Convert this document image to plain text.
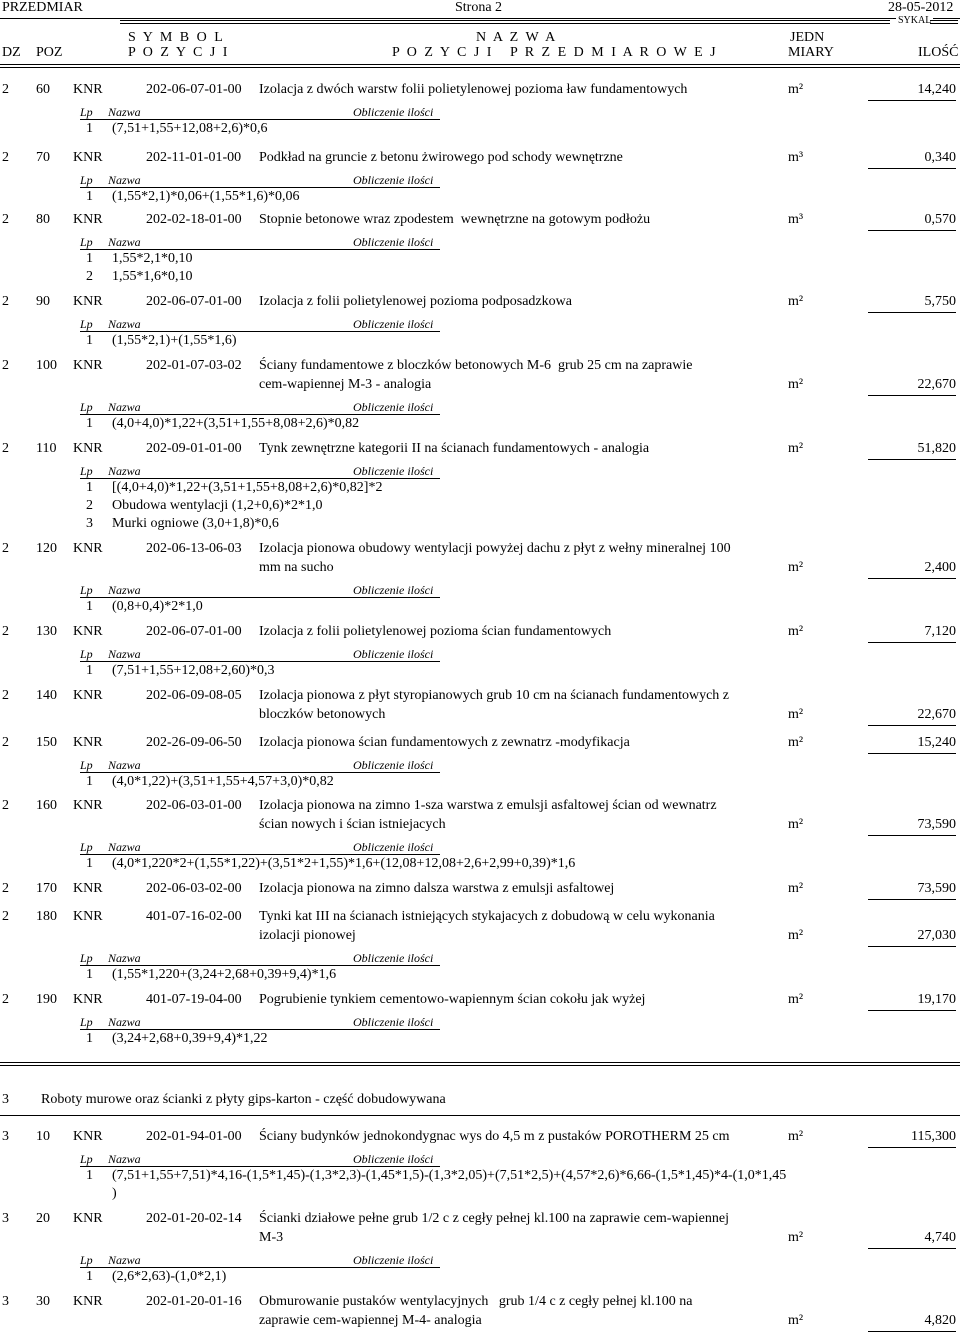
PRZEDMIAR	Strona 2	28-05-2012
SYKAL
S Y M B O L
P O Z Y C J I
N A Z W A
P O Z Y C J I   P R Z E D M I A R O W E J
JEDN
MIARY
DZ POZ	ILOŚĆ
2 60 KNR	202-06-07-01-00 Izolacja z dwóch warstw folii polietylenowej pozioma ław fundamentowych	m²	14,240
Lp Nazwa	Obliczenie ilości
1 (7,51+1,55+12,08+2,6)*0,6
2 70 KNR	202-11-01-01-00 Podkład na gruncie z betonu żwirowego pod schody wewnętrzne	m³	0,340
Lp Nazwa	Obliczenie ilości
1 (1,55*2,1)*0,06+(1,55*1,6)*0,06
2 80 KNR	202-02-18-01-00 Stopnie betonowe wraz zpodestem  wewnętrzne na gotowym podłożu	m³	0,570
Lp Nazwa	Obliczenie ilości
1 1,55*2,1*0,10
2 1,55*1,6*0,10
2 90 KNR	202-06-07-01-00 Izolacja z folii polietylenowej pozioma podposadzkowa	m²	5,750
Lp Nazwa	Obliczenie ilości
1 (1,55*2,1)+(1,55*1,6)
2 100 KNR	202-01-07-03-02 Ściany fundamentowe z bloczków betonowych M-6  grub 25 cm na zaprawie
cem-wapiennej M-3 - analogia	m²	22,670
Lp Nazwa	Obliczenie ilości
1 (4,0+4,0)*1,22+(3,51+1,55+8,08+2,6)*0,82
2 110 KNR	202-09-01-01-00 Tynk zewnętrzne kategorii II na ścianach fundamentowych - analogia	m²	51,820
Lp Nazwa	Obliczenie ilości
1 [(4,0+4,0)*1,22+(3,51+1,55+8,08+2,6)*0,82]*2
2 Obudowa wentylacji (1,2+0,6)*2*1,0
3 Murki ogniowe (3,0+1,8)*0,6
2 120 KNR	202-06-13-06-03 Izolacja pionowa obudowy wentylacji powyżej dachu z płyt z wełny mineralnej 100
mm na sucho	m²	2,400
Lp Nazwa	Obliczenie ilości
1 (0,8+0,4)*2*1,0
2 130 KNR	202-06-07-01-00 Izolacja z folii polietylenowej pozioma ścian fundamentowych	m²	7,120
Lp Nazwa	Obliczenie ilości
1 (7,51+1,55+12,08+2,60)*0,3
2 140 KNR	202-06-09-08-05 Izolacja pionowa z płyt styropianowych grub 10 cm na ścianach fundamentowych z
bloczków betonowych	m²	22,670
2 150 KNR	202-26-09-06-50 Izolacja pionowa ścian fundamentowych z zewnatrz -modyfikacja	m²	15,240
Lp Nazwa	Obliczenie ilości
1 (4,0*1,22)+(3,51+1,55+4,57+3,0)*0,82
2 160 KNR	202-06-03-01-00 Izolacja pionowa na zimno 1-sza warstwa z emulsji asfaltowej ścian od wewnatrz
ścian nowych i ścian istniejacych	m²	73,590
Lp Nazwa	Obliczenie ilości
1 (4,0*1,220*2+(1,55*1,22)+(3,51*2+1,55)*1,6+(12,08+12,08+2,6+2,99+0,39)*1,6
2 170 KNR	202-06-03-02-00 Izolacja pionowa na zimno dalsza warstwa z emulsji asfaltowej	m²	73,590
2 180 KNR	401-07-16-02-00 Tynki kat III na ścianach istniejących stykajacych z dobudową w celu wykonania
izolacji pionowej	m²	27,030
Lp Nazwa	Obliczenie ilości
1 (1,55*1,220+(3,24+2,68+0,39+9,4)*1,6
2 190 KNR	401-07-19-04-00 Pogrubienie tynkiem cementowo-wapiennym ścian cokołu jak wyżej	m²	19,170
Lp Nazwa	Obliczenie ilości
1 (3,24+2,68+0,39+9,4)*1,22
3 Roboty murowe oraz ścianki z płyty gips-karton - część dobudowywana
3 10 KNR	202-01-94-01-00 Ściany budynków jednokondygnac wys do 4,5 m z pustaków POROTHERM 25 cm	m²	115,300
Lp Nazwa	Obliczenie ilości
1 (7,51+1,55+7,51)*4,16-(1,5*1,45)-(1,3*2,3)-(1,45*1,5)-(1,3*2,05)+(7,51*2,5)+(4,57*2,6)*6,66-(1,5*1,45)*4-(1,0*1,45
)
3 20 KNR	202-01-20-02-14 Ścianki działowe pełne grub 1/2 c z cegły pełnej kl.100 na zaprawie cem-wapiennej
M-3	m²	4,740
Lp Nazwa	Obliczenie ilości
1 (2,6*2,63)-(1,0*2,1)
3 30 KNR	202-01-20-01-16 Obmurowanie pustaków wentylacyjnych   grub 1/4 c z cegły pełnej kl.100 na
zaprawie cem-wapiennej M-4- analogia	m²	4,820
